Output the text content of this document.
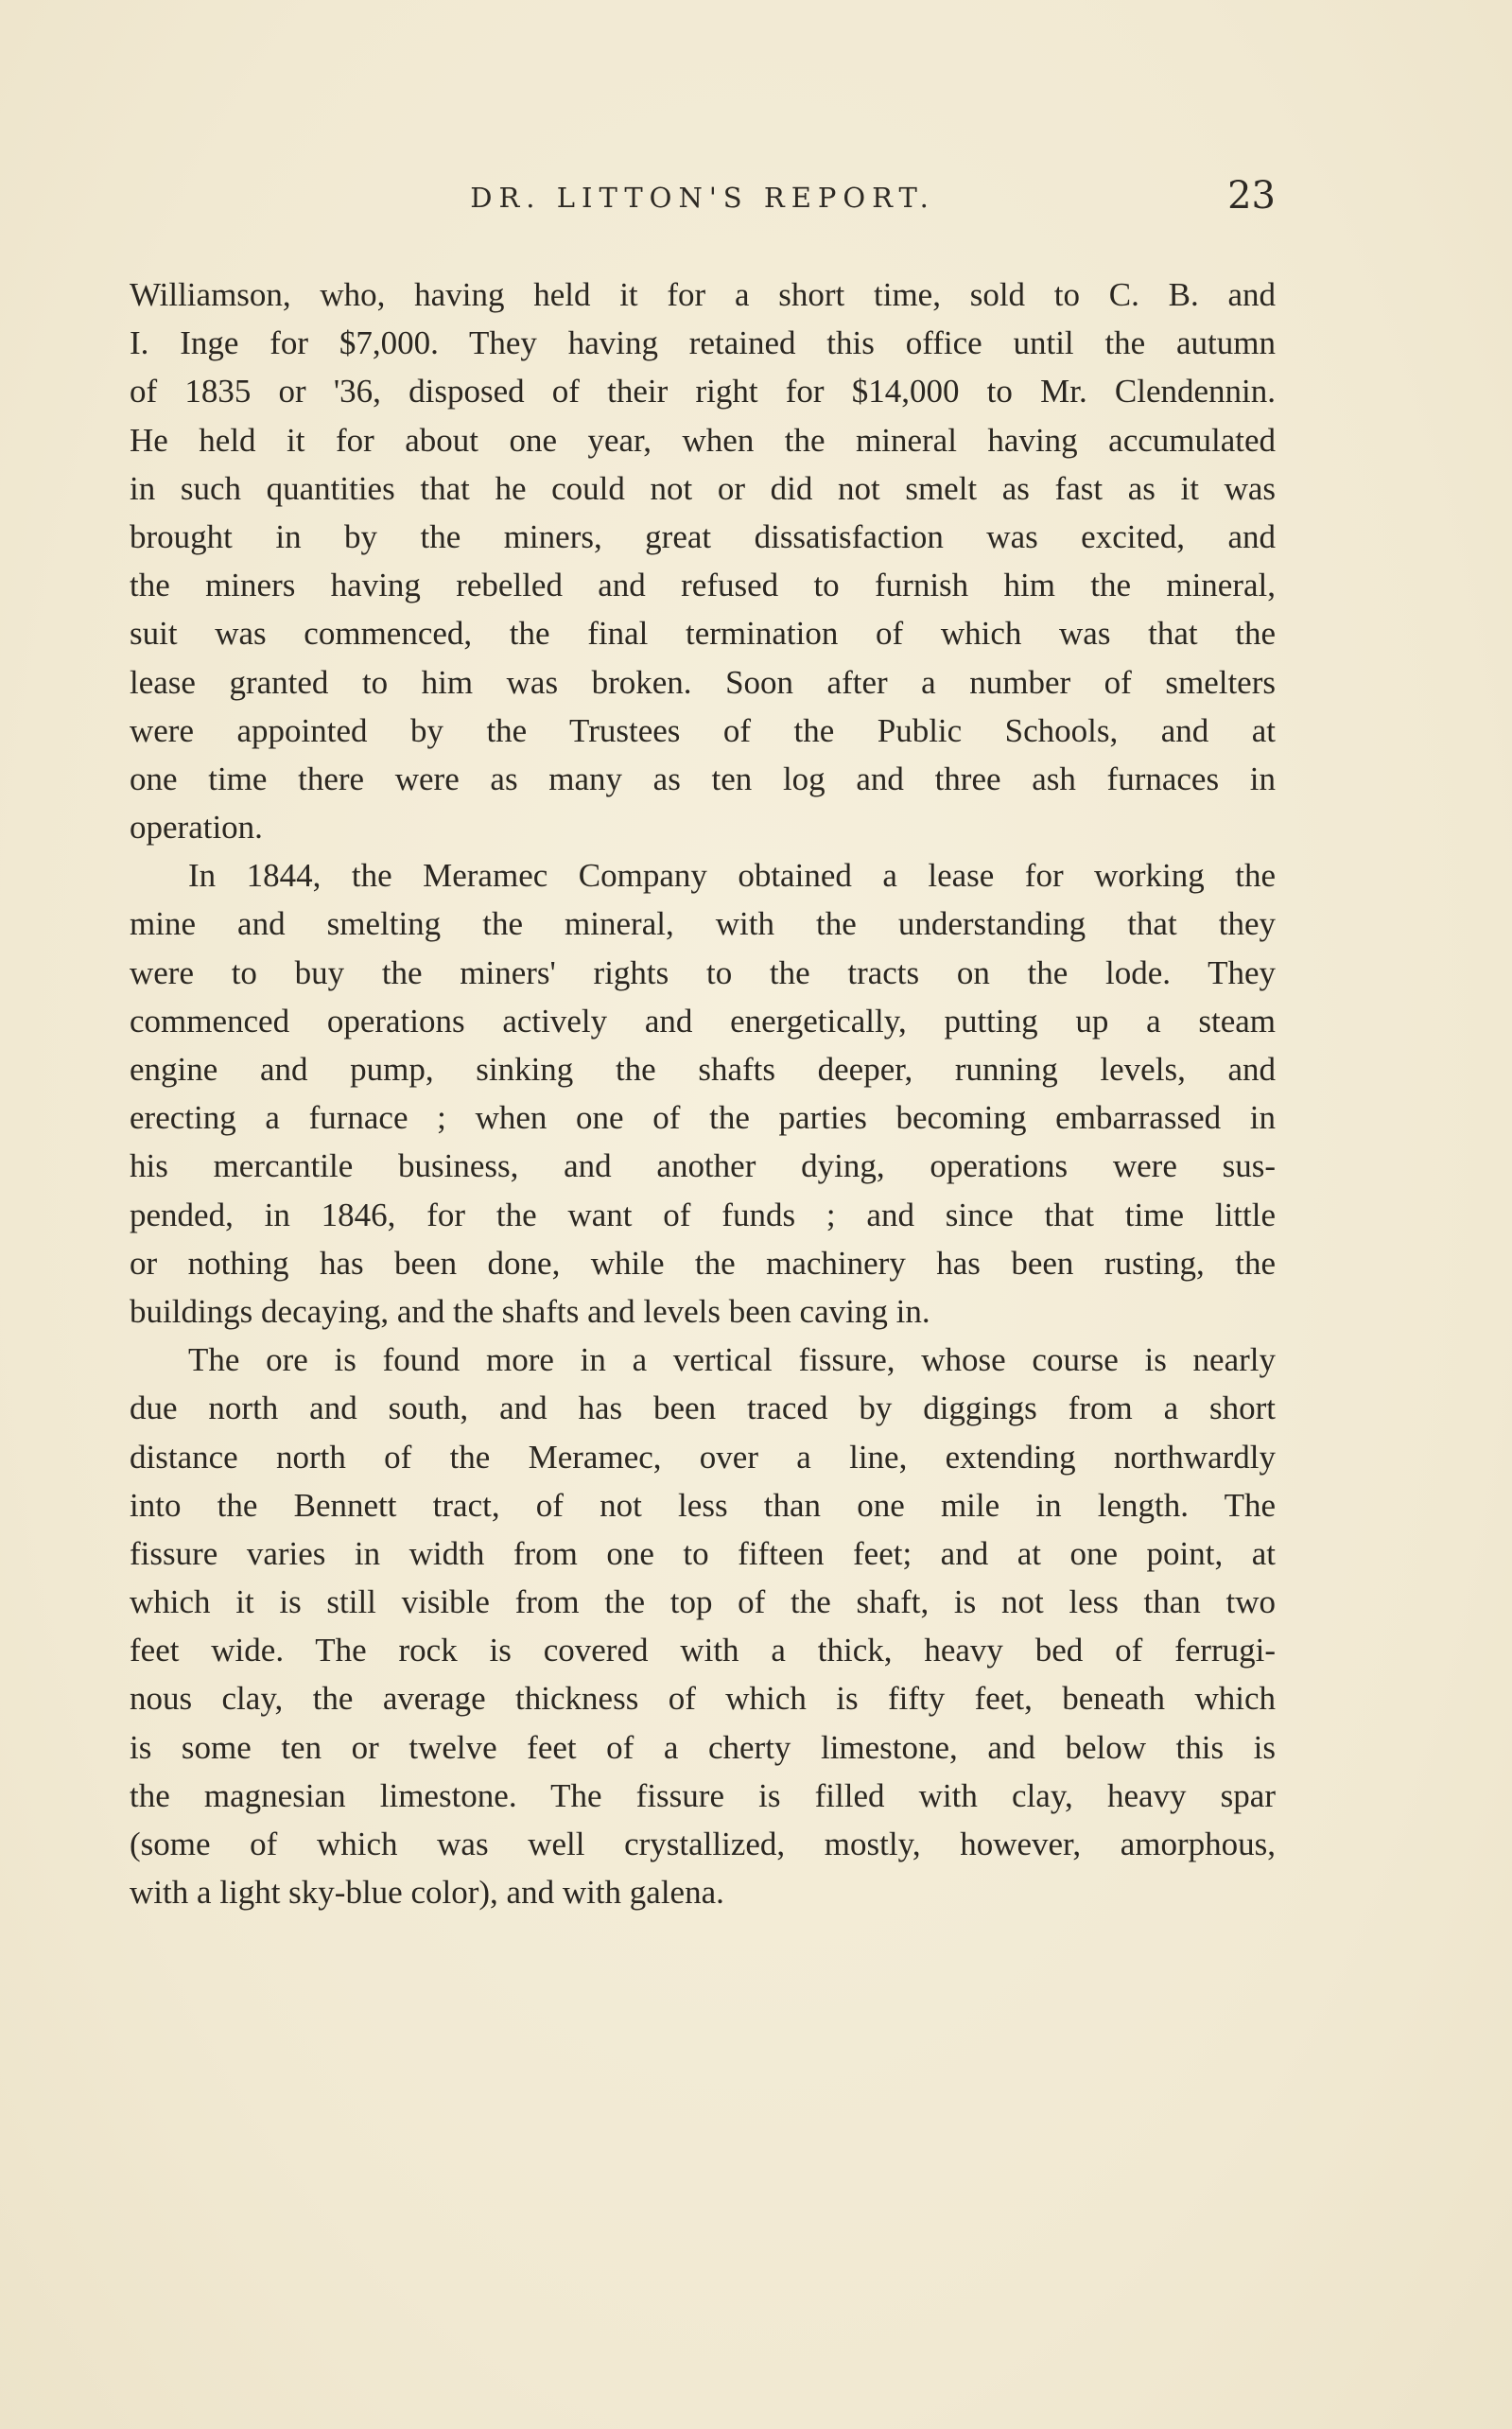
DR. LITTON'S REPORT.	23
Williamson, who, having held it for a short time, sold to C. B. and
I. Inge for $7,000. They having retained this office until the autumn
of 1835 or '36, disposed of their right for $14,000 to Mr. Clendennin.
He held it for about one year, when the mineral having accumulated
in such quantities that he could not or did not smelt as fast as it was
brought in by the miners, great dissatisfaction was excited, and
the miners having rebelled and refused to furnish him the mineral,
suit was commenced, the final termination of which was that the
lease granted to him was broken. Soon after a number of smelters
were appointed by the Trustees of the Public Schools, and at
one time there were as many as ten log and three ash furnaces in
operation.
In 1844, the Meramec Company obtained a lease for working the
mine and smelting the mineral, with the understanding that they
were to buy the miners' rights to the tracts on the lode. They
commenced operations actively and energetically, putting up a steam
engine and pump, sinking the shafts deeper, running levels, and
erecting a furnace ; when one of the parties becoming embarrassed in
his mercantile business, and another dying, operations were sus-
pended, in 1846, for the want of funds ; and since that time little
or nothing has been done, while the machinery has been rusting, the
buildings decaying, and the shafts and levels been caving in.
The ore is found more in a vertical fissure, whose course is nearly
due north and south, and has been traced by diggings from a short
distance north of the Meramec, over a line, extending northwardly
into the Bennett tract, of not less than one mile in length. The
fissure varies in width from one to fifteen feet; and at one point, at
which it is still visible from the top of the shaft, is not less than two
feet wide. The rock is covered with a thick, heavy bed of ferrugi-
nous clay, the average thickness of which is fifty feet, beneath which
is some ten or twelve feet of a cherty limestone, and below this is
the magnesian limestone. The fissure is filled with clay, heavy spar
(some of which was well crystallized, mostly, however, amorphous,
with a light sky-blue color), and with galena.
